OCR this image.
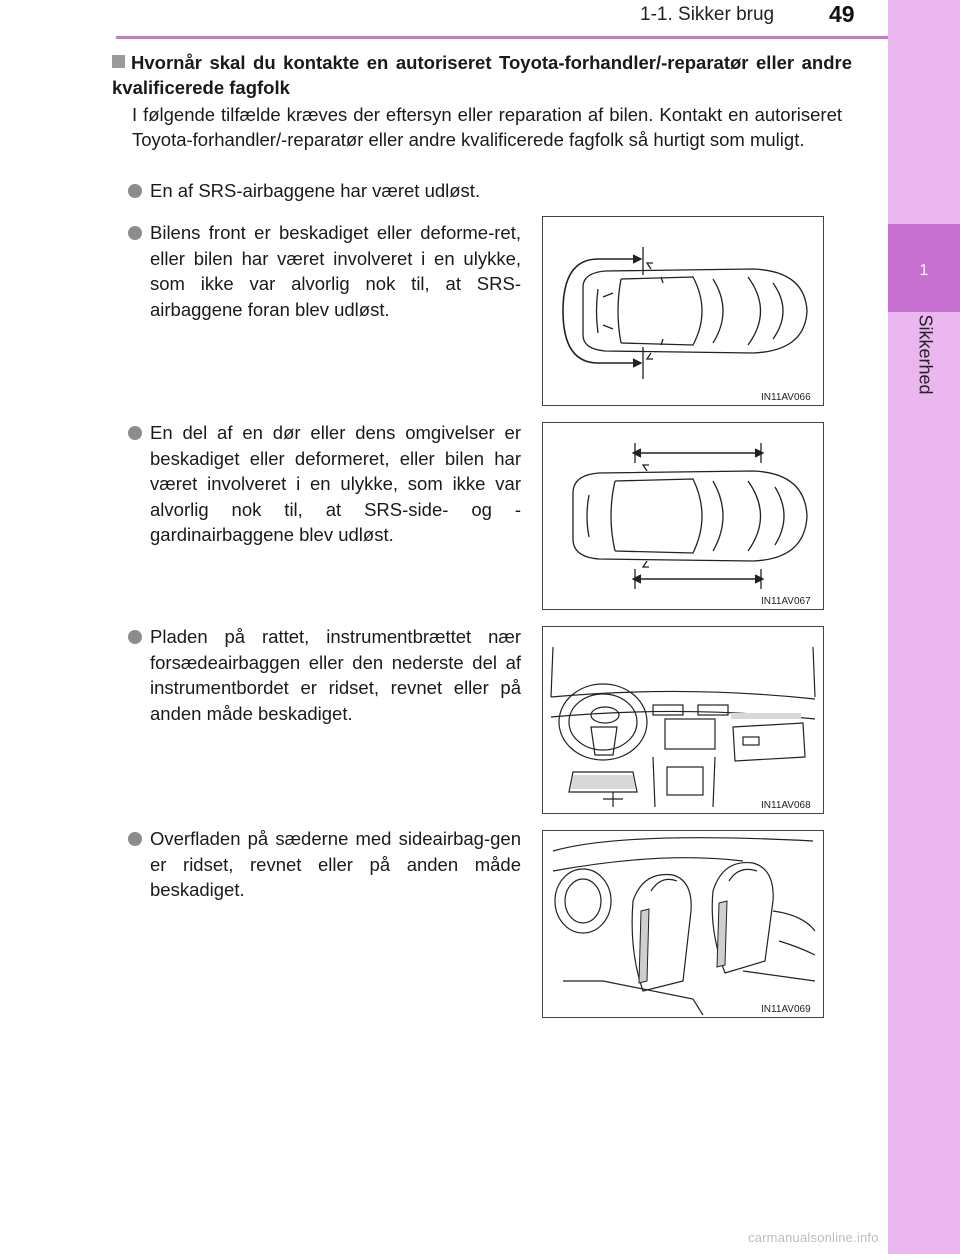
1-1. Sikker brug 49
1
Sikkerhed
Hvornår skal du kontakte en autoriseret Toyota-forhandler/-reparatør eller andre kvalificerede fagfolk
I følgende tilfælde kræves der eftersyn eller reparation af bilen. Kontakt en autoriseret Toyota-forhandler/-reparatør eller andre kvalificerede fagfolk så hurtigt som muligt.
En af SRS-airbaggene har været udløst.
Bilens front er beskadiget eller deforme-ret, eller bilen har været involveret i en ulykke, som ikke var alvorlig nok til, at SRS-airbaggene foran blev udløst.
En del af en dør eller dens omgivelser er beskadiget eller deformeret, eller bilen har været involveret i en ulykke, som ikke var alvorlig nok til, at SRS-side- og -gardinairbaggene blev udløst.
Pladen på rattet, instrumentbrættet nær forsædeairbaggen eller den nederste del af instrumentbordet er ridset, revnet eller på anden måde beskadiget.
Overfladen på sæderne med sideairbag-gen er ridset, revnet eller på anden måde beskadiget.
IN11AV066
IN11AV067
IN11AV068
IN11AV069
carmanualsonline.info
